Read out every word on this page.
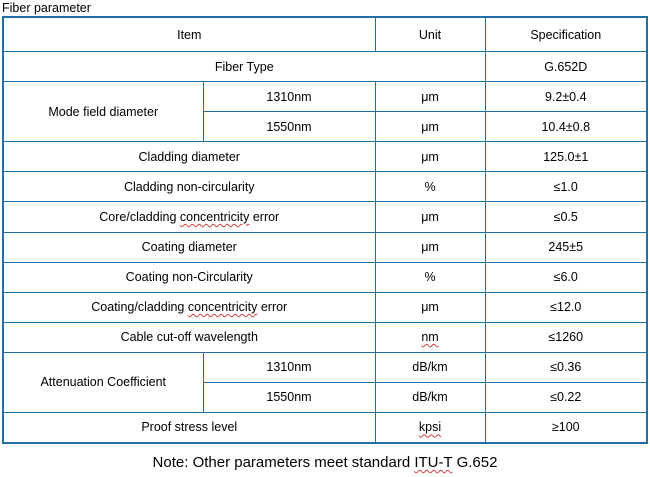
Fiber parameter
Item		Unit	Specification
Fiber Type			G.652D
Mode field diameter	1310nm	μm	9.2±0.4
	1550nm	μm	10.4±0.8
Cladding diameter		μm	125.0±1
Cladding non-circularity		%	≤1.0
Core/cladding concentricity error		μm	≤0.5
Coating diameter		μm	245±5
Coating non-Circularity		%	≤6.0
Coating/cladding concentricity error		μm	≤12.0
Cable cut-off wavelength		nm	≤1260
Attenuation Coefficient	1310nm	dB/km	≤0.36
	1550nm	dB/km	≤0.22
Proof stress level		kpsi	≥100
Note: Other parameters meet standard ITU-T G.652
